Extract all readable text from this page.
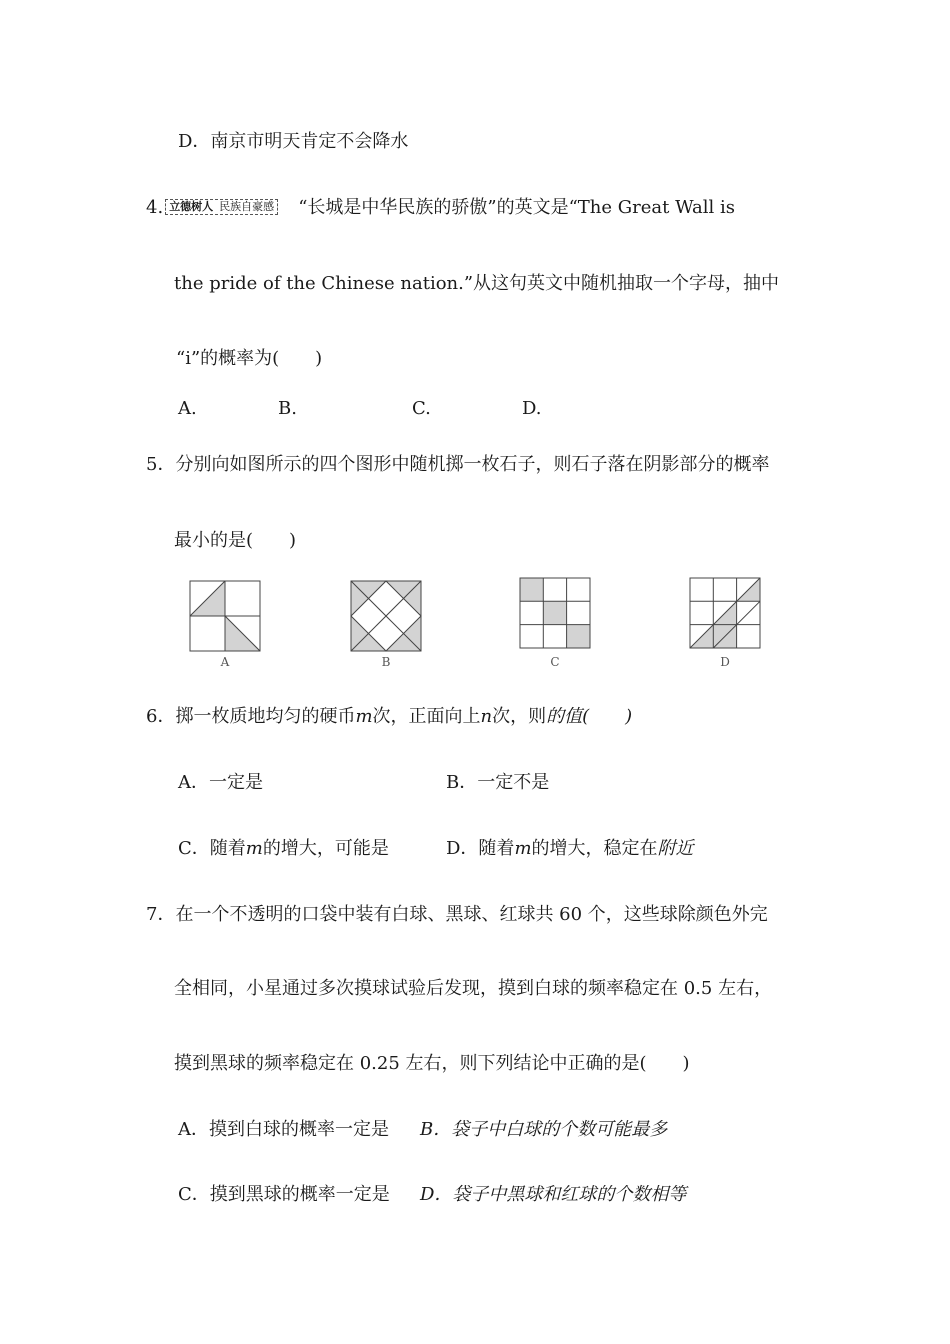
D．南京市明天肯定不会降水
4. 立德树人 民族自豪感 “长城是中华民族的骄傲”的英文是“The Great Wall is
the pride of the Chinese nation.”从这句英文中随机抽取一个字母，抽中
“i”的概率为(　　)
A.	B.	C.	D.
5．分别向如图所示的四个图形中随机掷一枚石子，则石子落在阴影部分的概率
最小的是(　　)
A	B	C	D
6．掷一枚质地均匀的硬币m次，正面向上n次，则的值(　　)
A．一定是	B．一定不是
C．随着m的增大，可能是	D．随着m的增大，稳定在附近
7．在一个不透明的口袋中装有白球、黑球、红球共 60 个，这些球除颜色外完
全相同，小星通过多次摸球试验后发现，摸到白球的频率稳定在 0.5 左右，
摸到黑球的频率稳定在 0.25 左右，则下列结论中正确的是(　　)
A．摸到白球的概率一定是 B．袋子中白球的个数可能最多
C．摸到黑球的概率一定是 D．袋子中黑球和红球的个数相等
